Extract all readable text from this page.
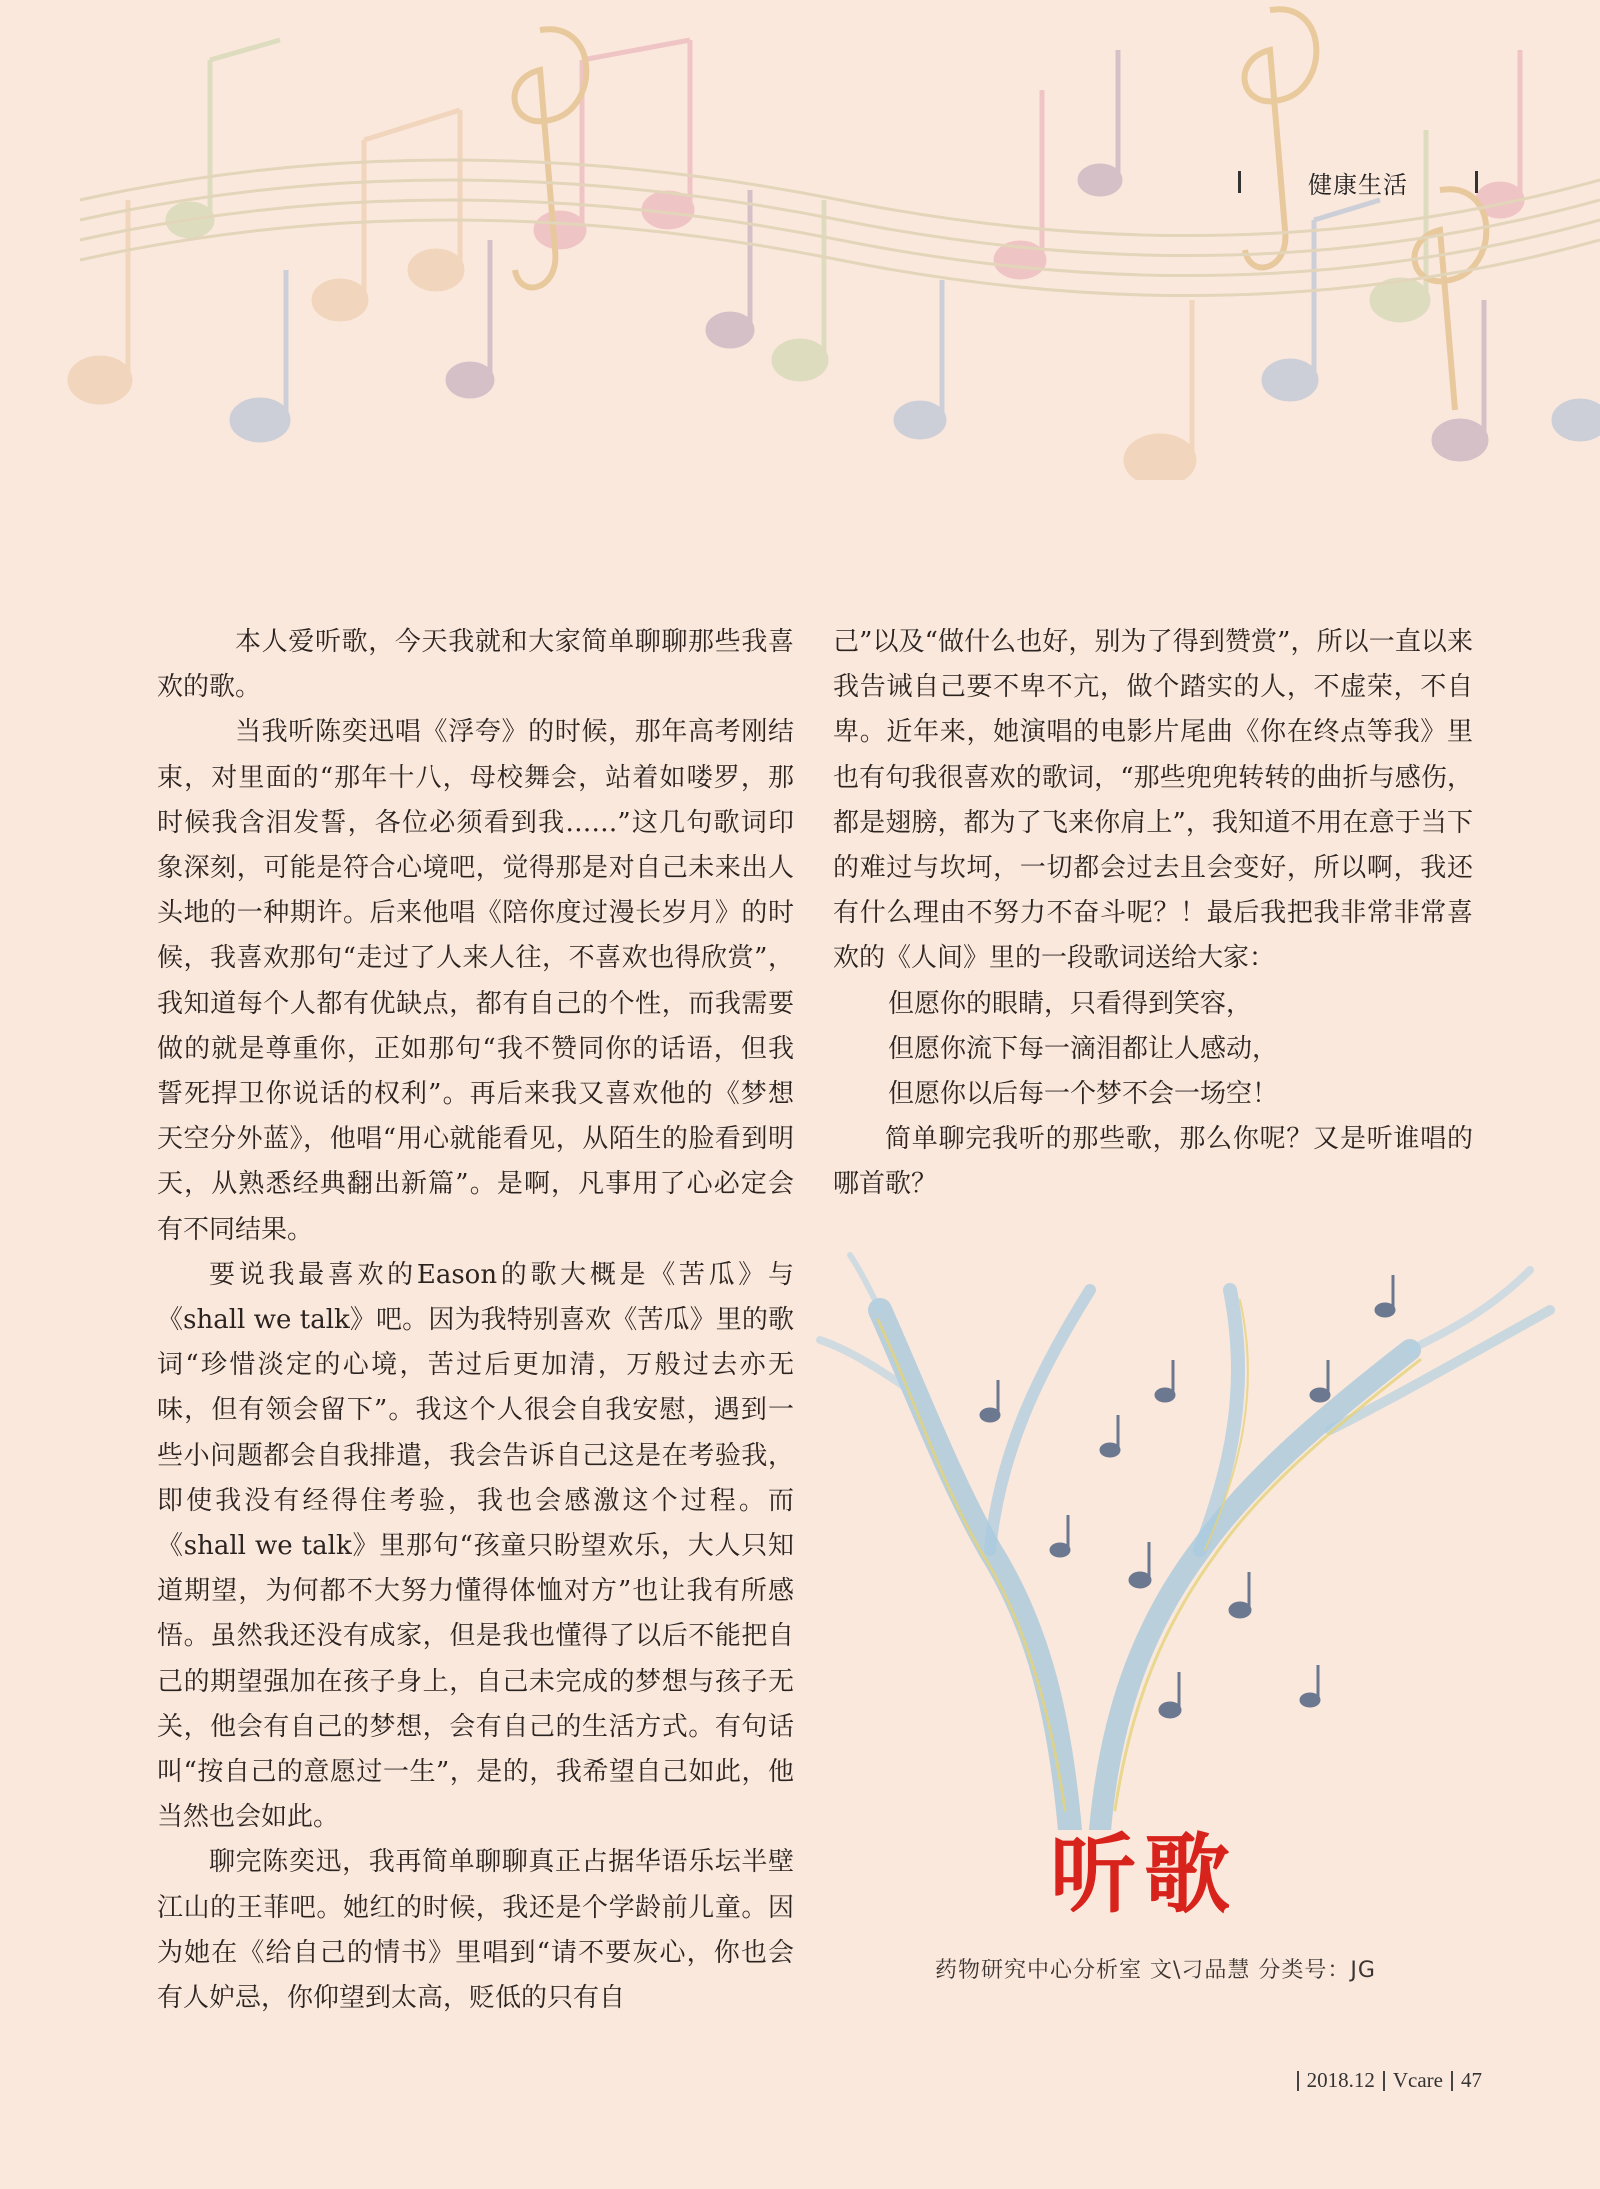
健康生活

本人爱听歌，今天我就和大家简单聊聊那些我喜欢的歌。

当我听陈奕迅唱《浮夸》的时候，那年高考刚结束，对里面的“那年十八，母校舞会，站着如喽罗，那时候我含泪发誓，各位必须看到我……”这几句歌词印象深刻，可能是符合心境吧，觉得那是对自己未来出人头地的一种期许。后来他唱《陪你度过漫长岁月》的时候，我喜欢那句“走过了人来人往，不喜欢也得欣赏”，我知道每个人都有优缺点，都有自己的个性，而我需要做的就是尊重你，正如那句“我不赞同你的话语，但我誓死捍卫你说话的权利”。再后来我又喜欢他的《梦想天空分外蓝》，他唱“用心就能看见，从陌生的脸看到明天，从熟悉经典翻出新篇”。是啊，凡事用了心必定会有不同结果。

要说我最喜欢的Eason的歌大概是《苦瓜》与《shall we talk》吧。因为我特别喜欢《苦瓜》里的歌词“珍惜淡定的心境，苦过后更加清，万般过去亦无味，但有领会留下”。我这个人很会自我安慰，遇到一些小问题都会自我排遣，我会告诉自己这是在考验我，即使我没有经得住考验，我也会感激这个过程。而《shall we talk》里那句“孩童只盼望欢乐，大人只知道期望，为何都不大努力懂得体恤对方”也让我有所感悟。虽然我还没有成家，但是我也懂得了以后不能把自己的期望强加在孩子身上，自己未完成的梦想与孩子无关，他会有自己的梦想，会有自己的生活方式。有句话叫“按自己的意愿过一生”，是的，我希望自己如此，他当然也会如此。

聊完陈奕迅，我再简单聊聊真正占据华语乐坛半壁江山的王菲吧。她红的时候，我还是个学龄前儿童。因为她在《给自己的情书》里唱到“请不要灰心，你也会有人妒忌，你仰望到太高，贬低的只有自

己”以及“做什么也好，别为了得到赞赏”，所以一直以来我告诫自己要不卑不亢，做个踏实的人，不虚荣，不自卑。近年来，她演唱的电影片尾曲《你在终点等我》里也有句我很喜欢的歌词，“那些兜兜转转的曲折与感伤，都是翅膀，都为了飞来你肩上”，我知道不用在意于当下的难过与坎坷，一切都会过去且会变好，所以啊，我还有什么理由不努力不奋斗呢？！最后我把我非常非常喜欢的《人间》里的一段歌词送给大家：

但愿你的眼睛，只看得到笑容，

但愿你流下每一滴泪都让人感动，

但愿你以后每一个梦不会一场空！

简单聊完我听的那些歌，那么你呢？又是听谁唱的哪首歌？

听歌
药物研究中心分析室 文\刁品慧 分类号：JG
2018.12 Vcare 47
